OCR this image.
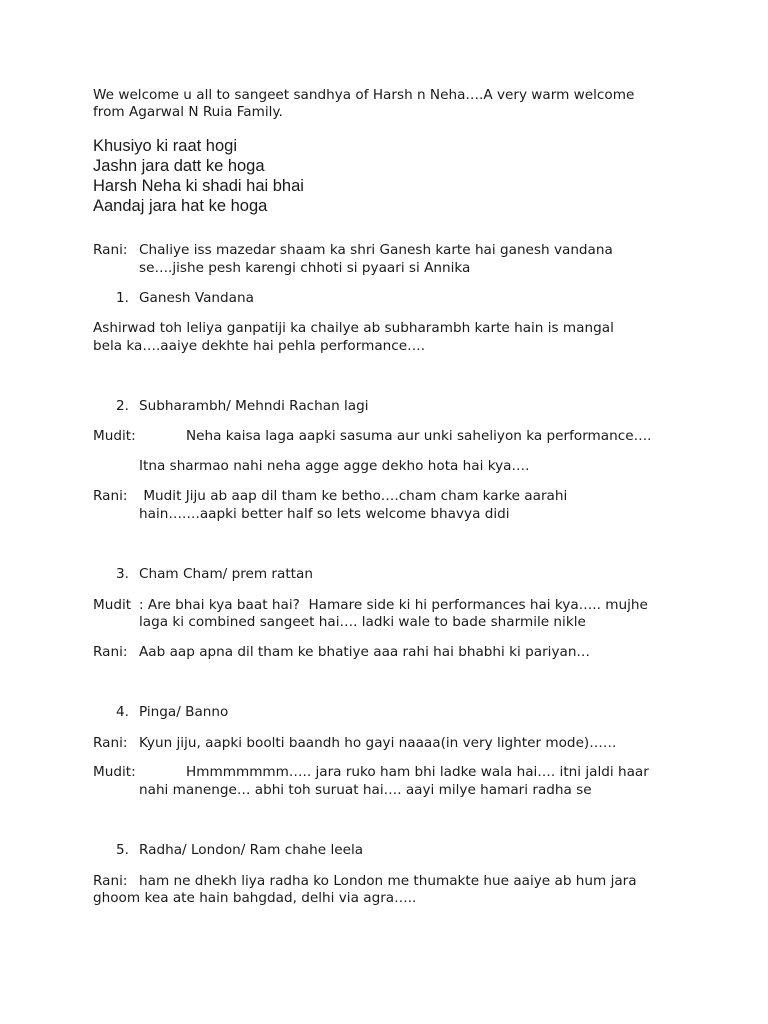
We welcome u all to sangeet sandhya of Harsh n Neha….A very warm welcome
from Agarwal N Ruia Family.
Khusiyo ki raat hogi
Jashn jara datt ke hoga
Harsh Neha ki shadi hai bhai
Aandaj jara hat ke hoga
Rani: Chaliye iss mazedar shaam ka shri Ganesh karte hai ganesh vandana
se….jishe pesh karengi chhoti si pyaari si Annika
1. Ganesh Vandana
Ashirwad toh leliya ganpatiji ka chailye ab subharambh karte hain is mangal
bela ka….aaiye dekhte hai pehla performance….
2. Subharambh/ Mehndi Rachan lagi
Mudit:	Neha kaisa laga aapki sasuma aur unki saheliyon ka performance….
Itna sharmao nahi neha agge agge dekho hota hai kya….
Rani: Mudit Jiju ab aap dil tham ke betho….cham cham karke aarahi
hain…….aapki better half so lets welcome bhavya didi
3. Cham Cham/ prem rattan
Mudit : Are bhai kya baat hai?  Hamare side ki hi performances hai kya….. mujhe
laga ki combined sangeet hai…. ladki wale to bade sharmile nikle
Rani: Aab aap apna dil tham ke bhatiye aaa rahi hai bhabhi ki pariyan…
4. Pinga/ Banno
Rani: Kyun jiju, aapki boolti baandh ho gayi naaaa(in very lighter mode)……
Mudit:	Hmmmmmmm….. jara ruko ham bhi ladke wala hai…. itni jaldi haar
nahi manenge… abhi toh suruat hai…. aayi milye hamari radha se
5. Radha/ London/ Ram chahe leela
Rani: ham ne dhekh liya radha ko London me thumakte hue aaiye ab hum jara
ghoom kea ate hain bahgdad, delhi via agra…..
